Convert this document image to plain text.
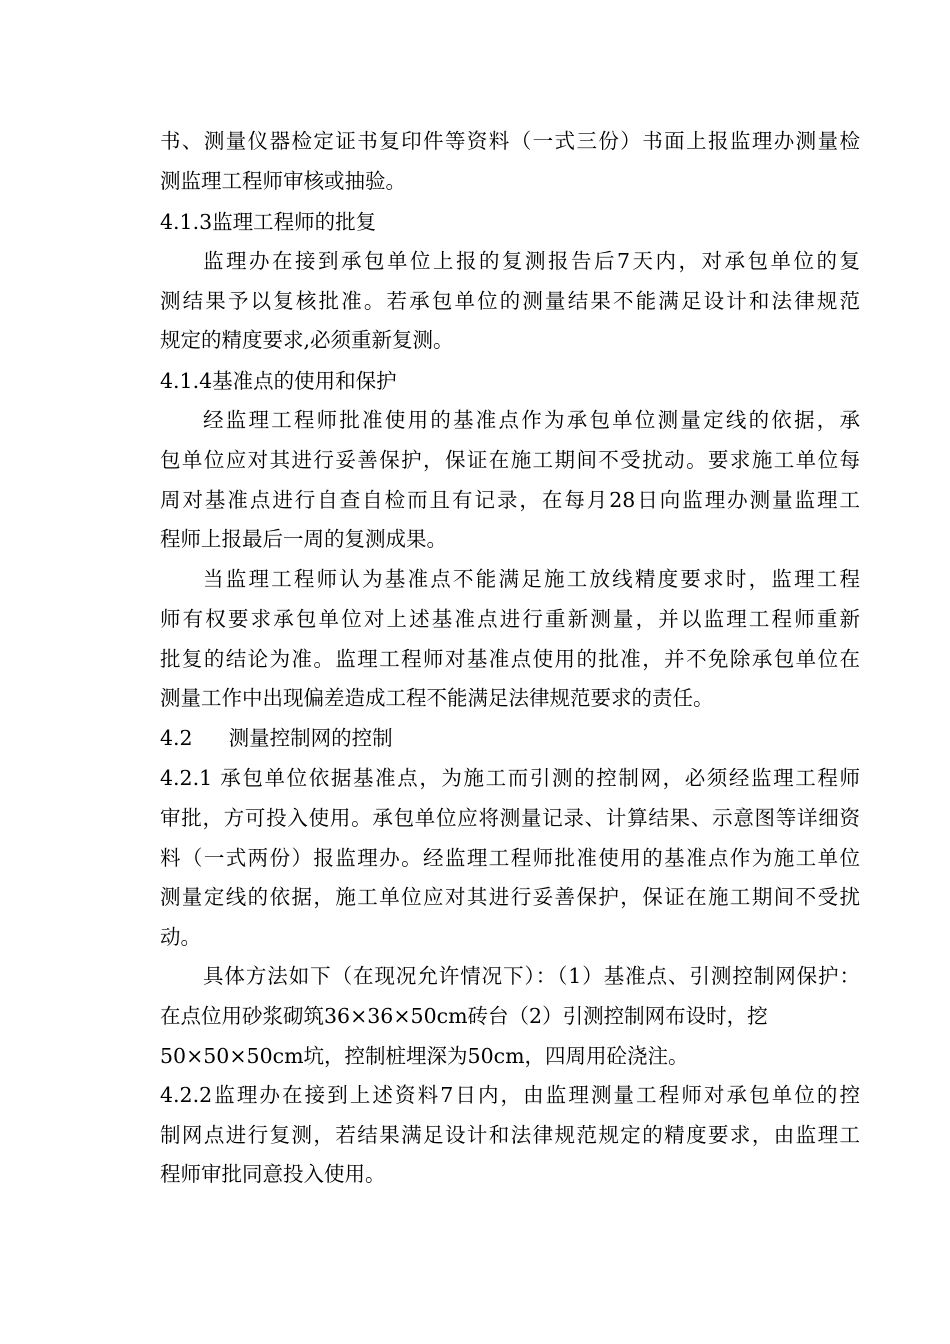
书、测量仪器检定证书复印件等资料（一式三份）书面上报监理办测量检
测监理工程师审核或抽验。
4.1.3监理工程师的批复
监理办在接到承包单位上报的复测报告后7天内，对承包单位的复
测结果予以复核批准。若承包单位的测量结果不能满足设计和法律规范
规定的精度要求,必须重新复测。
4.1.4基准点的使用和保护
经监理工程师批准使用的基准点作为承包单位测量定线的依据，承
包单位应对其进行妥善保护，保证在施工期间不受扰动。要求施工单位每
周对基准点进行自查自检而且有记录，在每月28日向监理办测量监理工
程师上报最后一周的复测成果。
当监理工程师认为基准点不能满足施工放线精度要求时，监理工程
师有权要求承包单位对上述基准点进行重新测量，并以监理工程师重新
批复的结论为准。监理工程师对基准点使用的批准，并不免除承包单位在
测量工作中出现偏差造成工程不能满足法律规范要求的责任。
4.2 测量控制网的控制
4.2.1 承包单位依据基准点，为施工而引测的控制网，必须经监理工程师
审批，方可投入使用。承包单位应将测量记录、计算结果、示意图等详细资
料（一式两份）报监理办。经监理工程师批准使用的基准点作为施工单位
测量定线的依据，施工单位应对其进行妥善保护，保证在施工期间不受扰
动。
具体方法如下（在现况允许情况下）：（1）基准点、引测控制网保护：
在点位用砂浆砌筑36×36×50cm砖台（2）引测控制网布设时，挖
50×50×50cm坑，控制桩埋深为50cm，四周用砼浇注。
4.2.2监理办在接到上述资料7日内，由监理测量工程师对承包单位的控
制网点进行复测，若结果满足设计和法律规范规定的精度要求，由监理工
程师审批同意投入使用。
